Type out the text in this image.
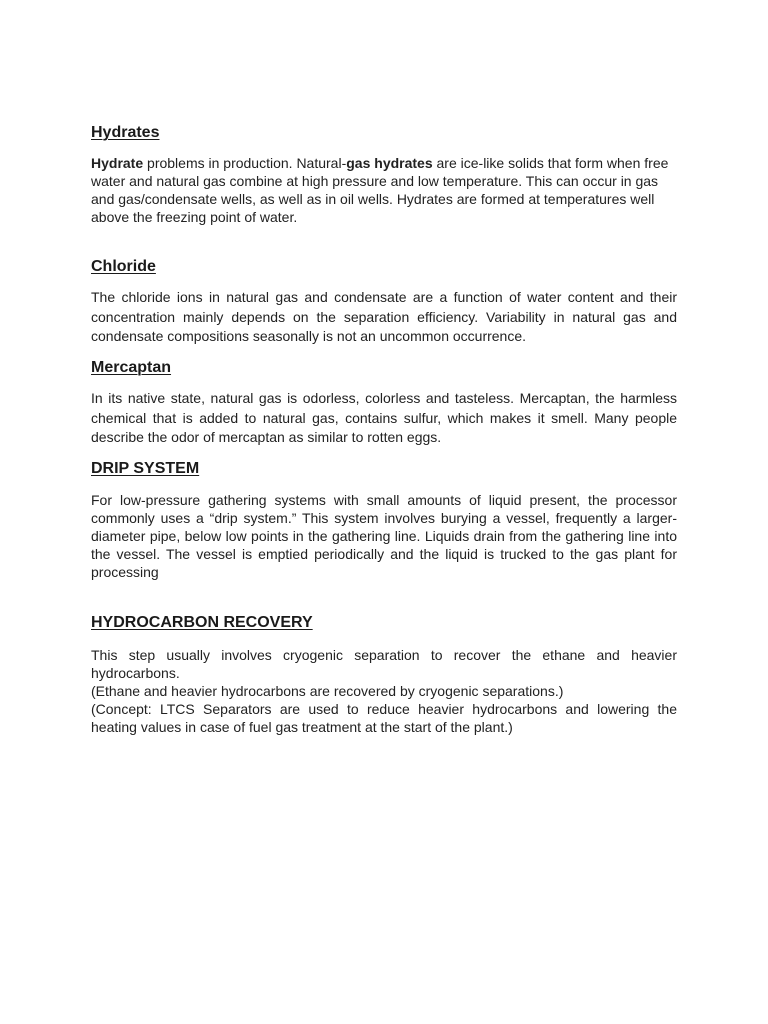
Hydrates

Hydrate problems in production. Natural-gas hydrates are ice-like solids that form when free water and natural gas combine at high pressure and low temperature. This can occur in gas and gas/condensate wells, as well as in oil wells. Hydrates are formed at temperatures well above the freezing point of water.

Chloride

The chloride ions in natural gas and condensate are a function of water content and their concentration mainly depends on the separation efficiency. Variability in natural gas and condensate compositions seasonally is not an uncommon occurrence.

Mercaptan

In its native state, natural gas is odorless, colorless and tasteless. Mercaptan, the harmless chemical that is added to natural gas, contains sulfur, which makes it smell. Many people describe the odor of mercaptan as similar to rotten eggs.

DRIP SYSTEM

For low-pressure gathering systems with small amounts of liquid present, the processor commonly uses a “drip system.” This system involves burying a vessel, frequently a larger-diameter pipe, below low points in the gathering line. Liquids drain from the gathering line into the vessel. The vessel is emptied periodically and the liquid is trucked to the gas plant for processing

HYDROCARBON RECOVERY

This step usually involves cryogenic separation to recover the ethane and heavier hydrocarbons.

(Ethane and heavier hydrocarbons are recovered by cryogenic separations.)

(Concept: LTCS Separators are used to reduce heavier hydrocarbons and lowering the heating values in case of fuel gas treatment at the start of the plant.)
